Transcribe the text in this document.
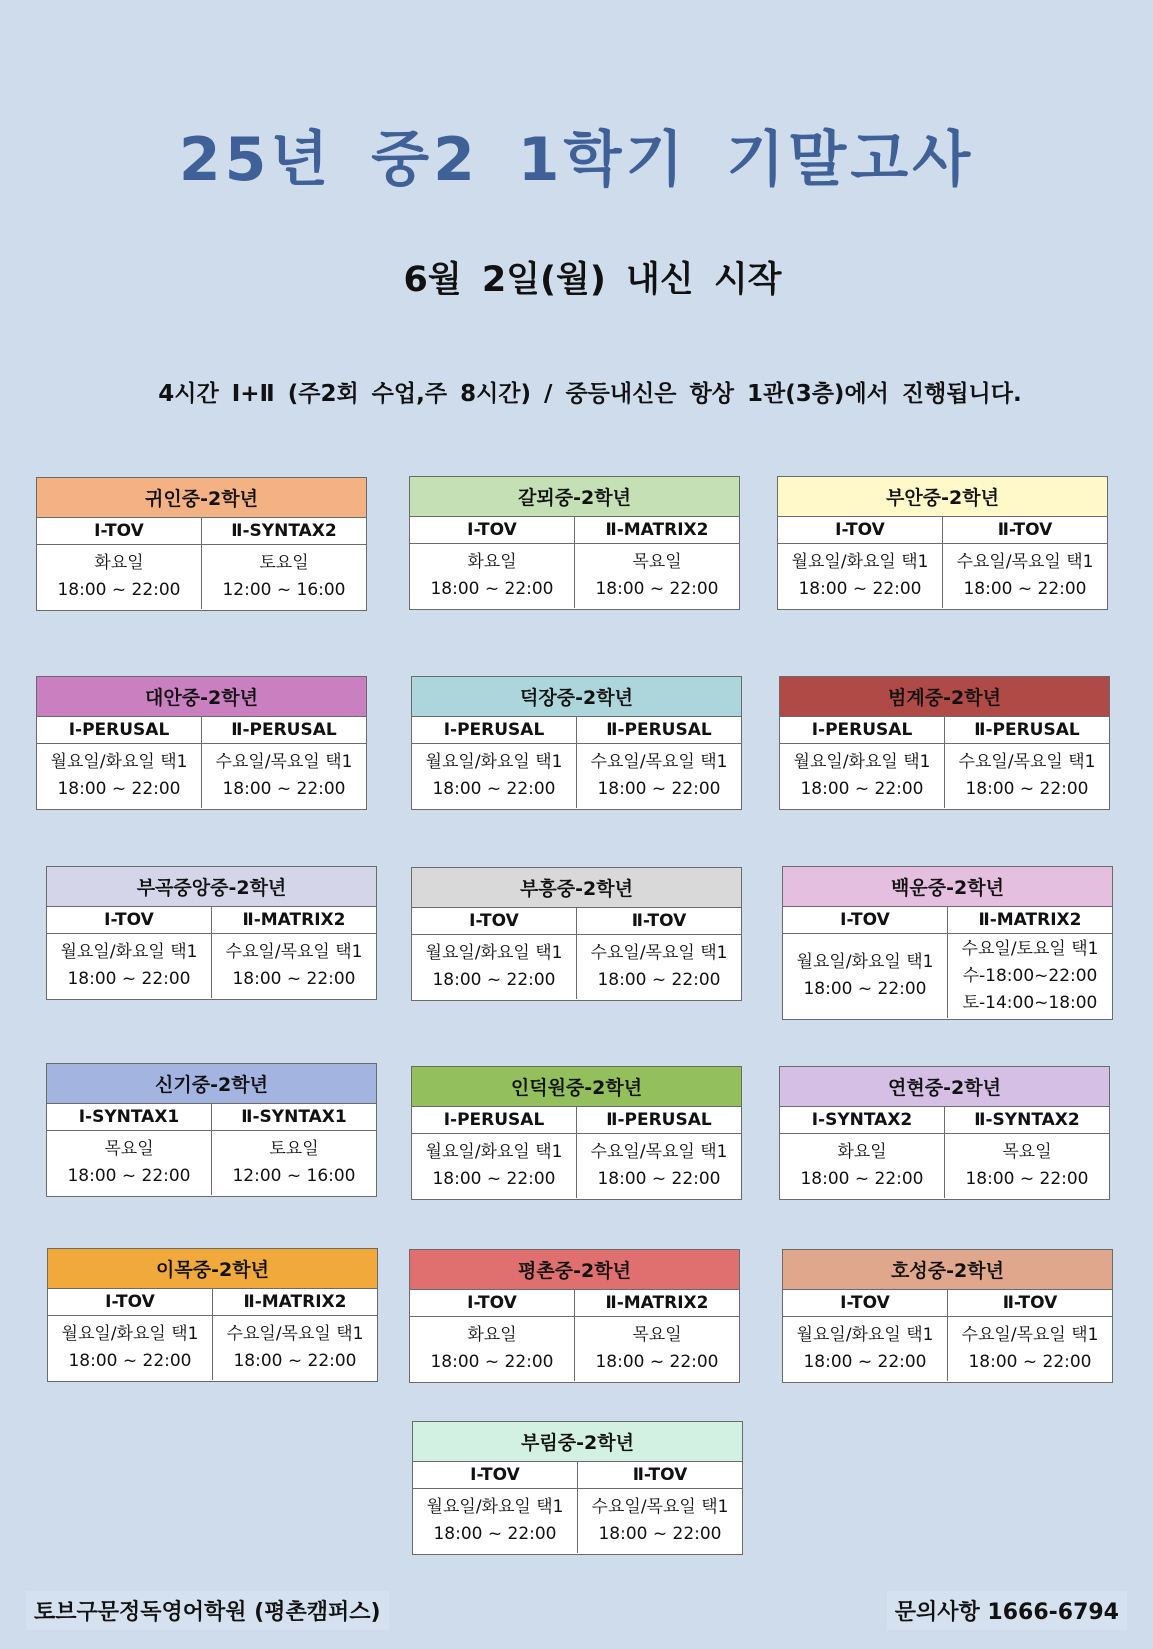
25년 중2 1학기 기말고사
6월 2일(월) 내신 시작
4시간 Ⅰ+Ⅱ (주2회 수업,주 8시간) / 중등내신은 항상 1관(3층)에서 진행됩니다.
귀인중-2학년
Ⅰ-TOV
화요일
18:00 ~ 22:00
Ⅱ-SYNTAX2
토요일
12:00 ~ 16:00
갈뫼중-2학년
Ⅰ-TOV
화요일
18:00 ~ 22:00
Ⅱ-MATRIX2
목요일
18:00 ~ 22:00
부안중-2학년
Ⅰ-TOV
월요일/화요일 택1
18:00 ~ 22:00
Ⅱ-TOV
수요일/목요일 택1
18:00 ~ 22:00
대안중-2학년
Ⅰ-PERUSAL
월요일/화요일 택1
18:00 ~ 22:00
Ⅱ-PERUSAL
수요일/목요일 택1
18:00 ~ 22:00
덕장중-2학년
Ⅰ-PERUSAL
월요일/화요일 택1
18:00 ~ 22:00
Ⅱ-PERUSAL
수요일/목요일 택1
18:00 ~ 22:00
범계중-2학년
Ⅰ-PERUSAL
월요일/화요일 택1
18:00 ~ 22:00
Ⅱ-PERUSAL
수요일/목요일 택1
18:00 ~ 22:00
부곡중앙중-2학년
Ⅰ-TOV
월요일/화요일 택1
18:00 ~ 22:00
Ⅱ-MATRIX2
수요일/목요일 택1
18:00 ~ 22:00
부흥중-2학년
Ⅰ-TOV
월요일/화요일 택1
18:00 ~ 22:00
Ⅱ-TOV
수요일/목요일 택1
18:00 ~ 22:00
백운중-2학년
Ⅰ-TOV
월요일/화요일 택1
18:00 ~ 22:00
Ⅱ-MATRIX2
수요일/토요일 택1
수-18:00~22:00
토-14:00~18:00
신기중-2학년
Ⅰ-SYNTAX1
목요일
18:00 ~ 22:00
Ⅱ-SYNTAX1
토요일
12:00 ~ 16:00
인덕원중-2학년
Ⅰ-PERUSAL
월요일/화요일 택1
18:00 ~ 22:00
Ⅱ-PERUSAL
수요일/목요일 택1
18:00 ~ 22:00
연현중-2학년
Ⅰ-SYNTAX2
화요일
18:00 ~ 22:00
Ⅱ-SYNTAX2
목요일
18:00 ~ 22:00
이목중-2학년
Ⅰ-TOV
월요일/화요일 택1
18:00 ~ 22:00
Ⅱ-MATRIX2
수요일/목요일 택1
18:00 ~ 22:00
평촌중-2학년
Ⅰ-TOV
화요일
18:00 ~ 22:00
Ⅱ-MATRIX2
목요일
18:00 ~ 22:00
호성중-2학년
Ⅰ-TOV
월요일/화요일 택1
18:00 ~ 22:00
Ⅱ-TOV
수요일/목요일 택1
18:00 ~ 22:00
부림중-2학년
Ⅰ-TOV
월요일/화요일 택1
18:00 ~ 22:00
Ⅱ-TOV
수요일/목요일 택1
18:00 ~ 22:00
토브구문정독영어학원 (평촌캠퍼스)	문의사항 1666-6794
